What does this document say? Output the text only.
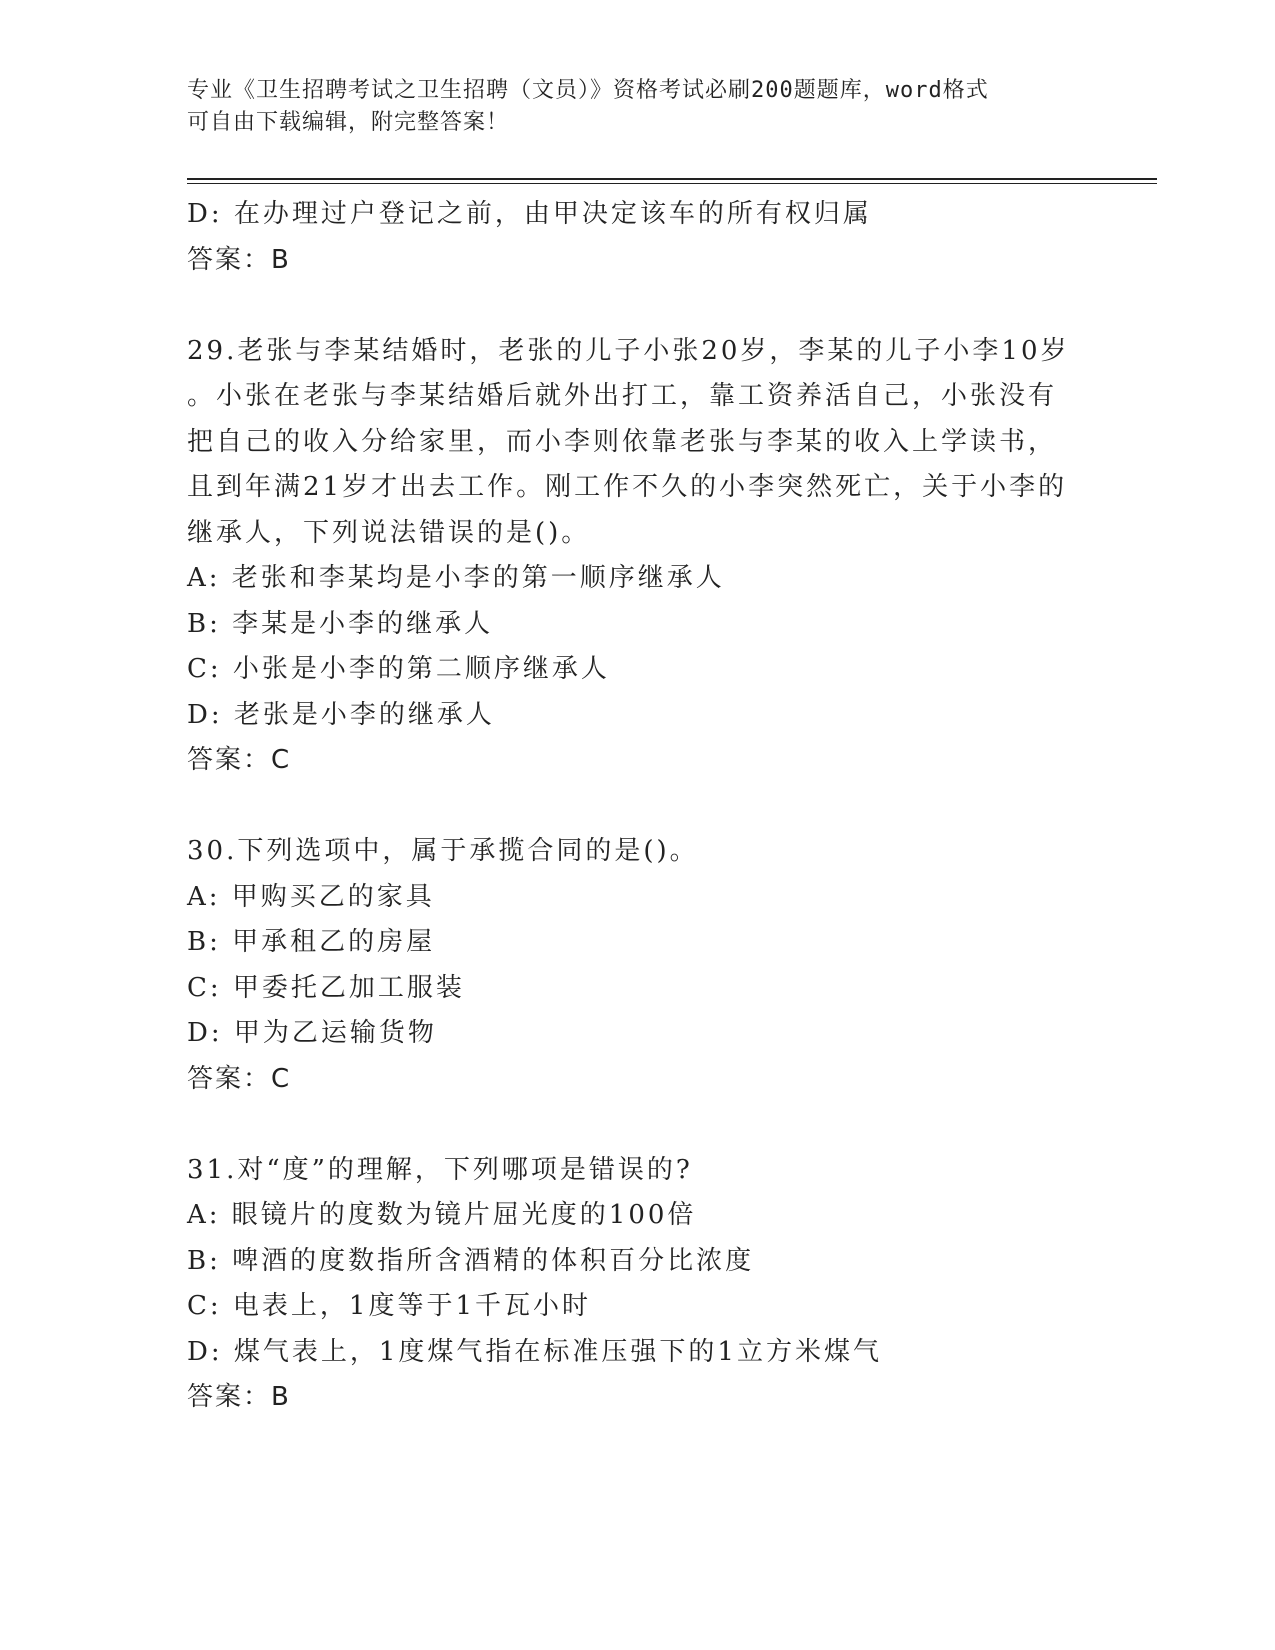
专业《卫生招聘考试之卫生招聘（文员）》资格考试必刷200题题库，word格式
可自由下载编辑，附完整答案！
D: 在办理过户登记之前，由甲决定该车的所有权归属
答案：B
29.老张与李某结婚时，老张的儿子小张20岁，李某的儿子小李10岁
。小张在老张与李某结婚后就外出打工，靠工资养活自己，小张没有
把自己的收入分给家里，而小李则依靠老张与李某的收入上学读书，
且到年满21岁才出去工作。刚工作不久的小李突然死亡，关于小李的
继承人，下列说法错误的是()。
A: 老张和李某均是小李的第一顺序继承人
B: 李某是小李的继承人
C: 小张是小李的第二顺序继承人
D: 老张是小李的继承人
答案：C
30.下列选项中，属于承揽合同的是()。
A: 甲购买乙的家具
B: 甲承租乙的房屋
C: 甲委托乙加工服装
D: 甲为乙运输货物
答案：C
31.对“度”的理解，下列哪项是错误的?
A: 眼镜片的度数为镜片屈光度的100倍
B: 啤酒的度数指所含酒精的体积百分比浓度
C: 电表上，1度等于1千瓦小时
D: 煤气表上，1度煤气指在标准压强下的1立方米煤气
答案：B
